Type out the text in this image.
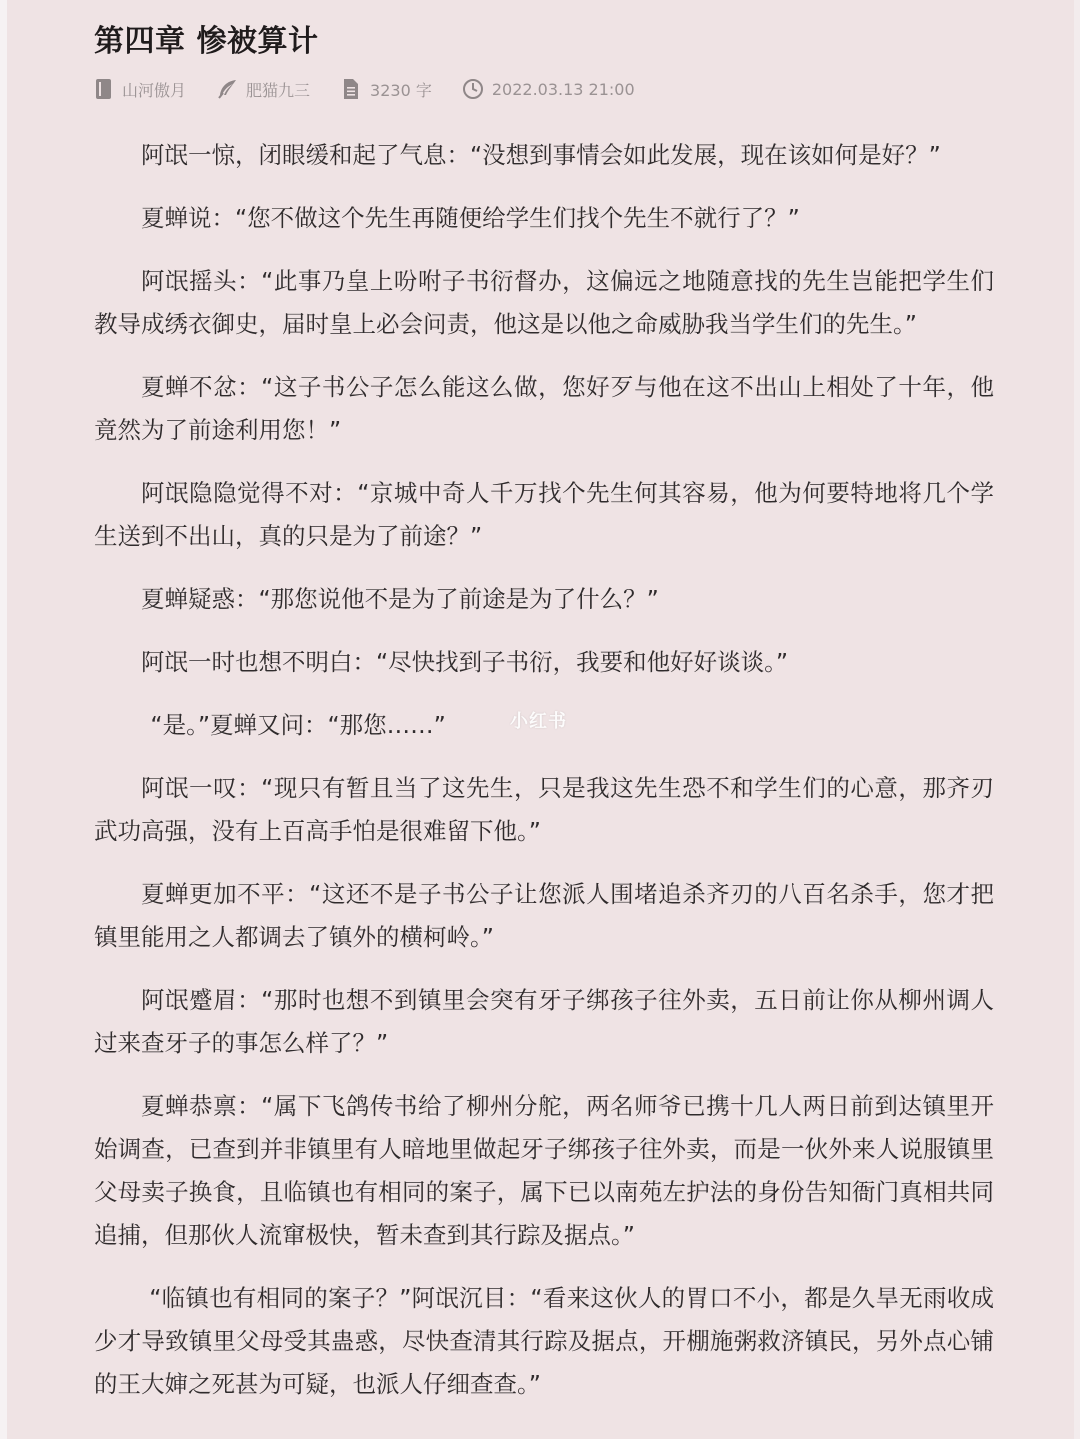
第四章 惨被算计
山河傲月	肥猫九三	3230 字	2022.03.13 21:00

阿氓一惊，闭眼缓和起了气息：“没想到事情会如此发展，现在该如何是好？”

夏蝉说：“您不做这个先生再随便给学生们找个先生不就行了？”

阿氓摇头：“此事乃皇上吩咐子书衍督办，这偏远之地随意找的先生岂能把学生们教导成绣衣御史，届时皇上必会问责，他这是以他之命威胁我当学生们的先生。”

夏蝉不忿：“这子书公子怎么能这么做，您好歹与他在这不出山上相处了十年，他竟然为了前途利用您！”

阿氓隐隐觉得不对：“京城中奇人千万找个先生何其容易，他为何要特地将几个学生送到不出山，真的只是为了前途？”

夏蝉疑惑：“那您说他不是为了前途是为了什么？”

阿氓一时也想不明白：“尽快找到子书衍，我要和他好好谈谈。”

“是。”夏蝉又问：“那您……”

阿氓一叹：“现只有暂且当了这先生，只是我这先生恐不和学生们的心意，那齐刃武功高强，没有上百高手怕是很难留下他。”

夏蝉更加不平：“这还不是子书公子让您派人围堵追杀齐刃的八百名杀手，您才把镇里能用之人都调去了镇外的横柯岭。”

阿氓蹙眉：“那时也想不到镇里会突有牙子绑孩子往外卖，五日前让你从柳州调人过来查牙子的事怎么样了？”

夏蝉恭禀：“属下飞鸽传书给了柳州分舵，两名师爷已携十几人两日前到达镇里开始调查，已查到并非镇里有人暗地里做起牙子绑孩子往外卖，而是一伙外来人说服镇里父母卖子换食，且临镇也有相同的案子，属下已以南苑左护法的身份告知衙门真相共同追捕，但那伙人流窜极快，暂未查到其行踪及据点。”

“临镇也有相同的案子？”阿氓沉目：“看来这伙人的胃口不小，都是久旱无雨收成少才导致镇里父母受其蛊惑，尽快查清其行踪及据点，开棚施粥救济镇民，另外点心铺的王大婶之死甚为可疑，也派人仔细查查。”

小红书
